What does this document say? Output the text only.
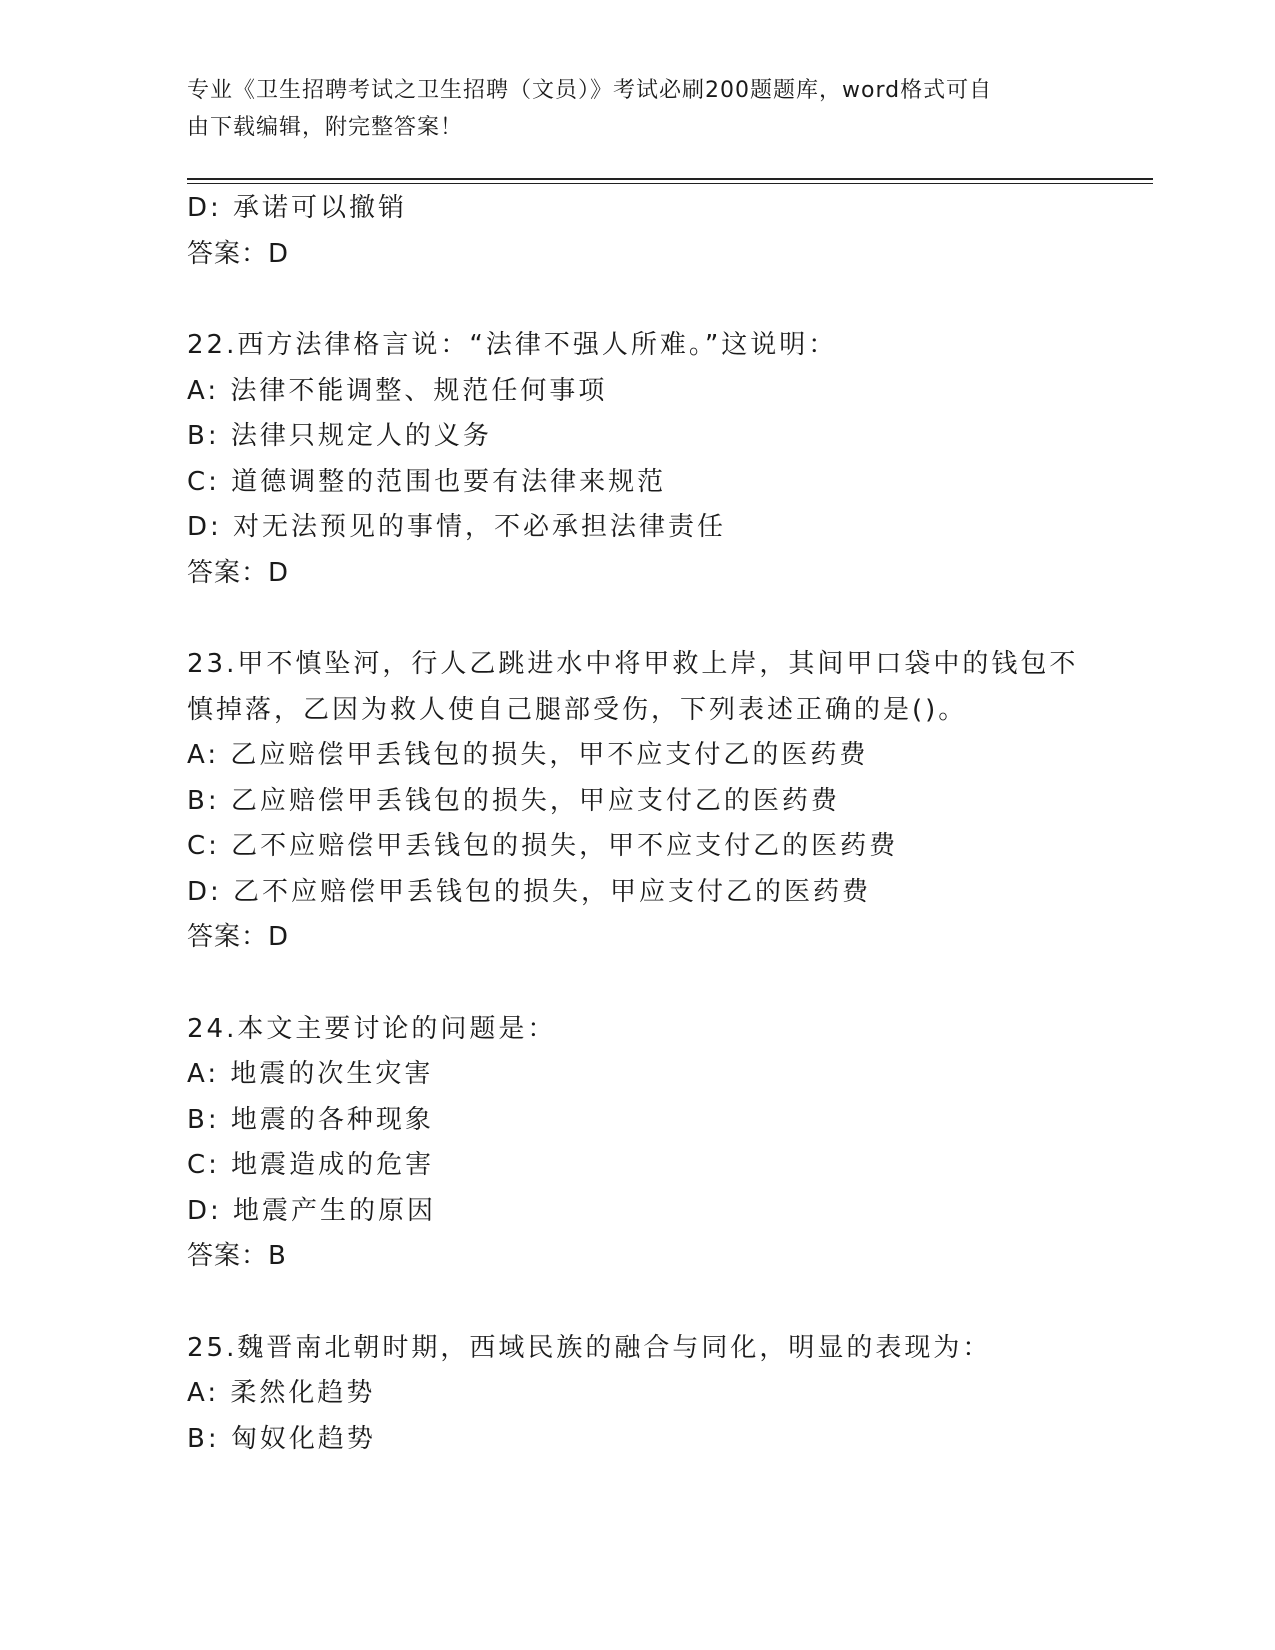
专业《卫生招聘考试之卫生招聘（文员）》考试必刷200题题库，word格式可自
由下载编辑，附完整答案！
D: 承诺可以撤销
答案：D
22.西方法律格言说：“法律不强人所难。”这说明：
A: 法律不能调整、规范任何事项
B: 法律只规定人的义务
C: 道德调整的范围也要有法律来规范
D: 对无法预见的事情，不必承担法律责任
答案：D
23.甲不慎坠河，行人乙跳进水中将甲救上岸，其间甲口袋中的钱包不
慎掉落，乙因为救人使自己腿部受伤，下列表述正确的是()。
A: 乙应赔偿甲丢钱包的损失，甲不应支付乙的医药费
B: 乙应赔偿甲丢钱包的损失，甲应支付乙的医药费
C: 乙不应赔偿甲丢钱包的损失，甲不应支付乙的医药费
D: 乙不应赔偿甲丢钱包的损失，甲应支付乙的医药费
答案：D
24.本文主要讨论的问题是：
A: 地震的次生灾害
B: 地震的各种现象
C: 地震造成的危害
D: 地震产生的原因
答案：B
25.魏晋南北朝时期，西域民族的融合与同化，明显的表现为：
A: 柔然化趋势
B: 匈奴化趋势
